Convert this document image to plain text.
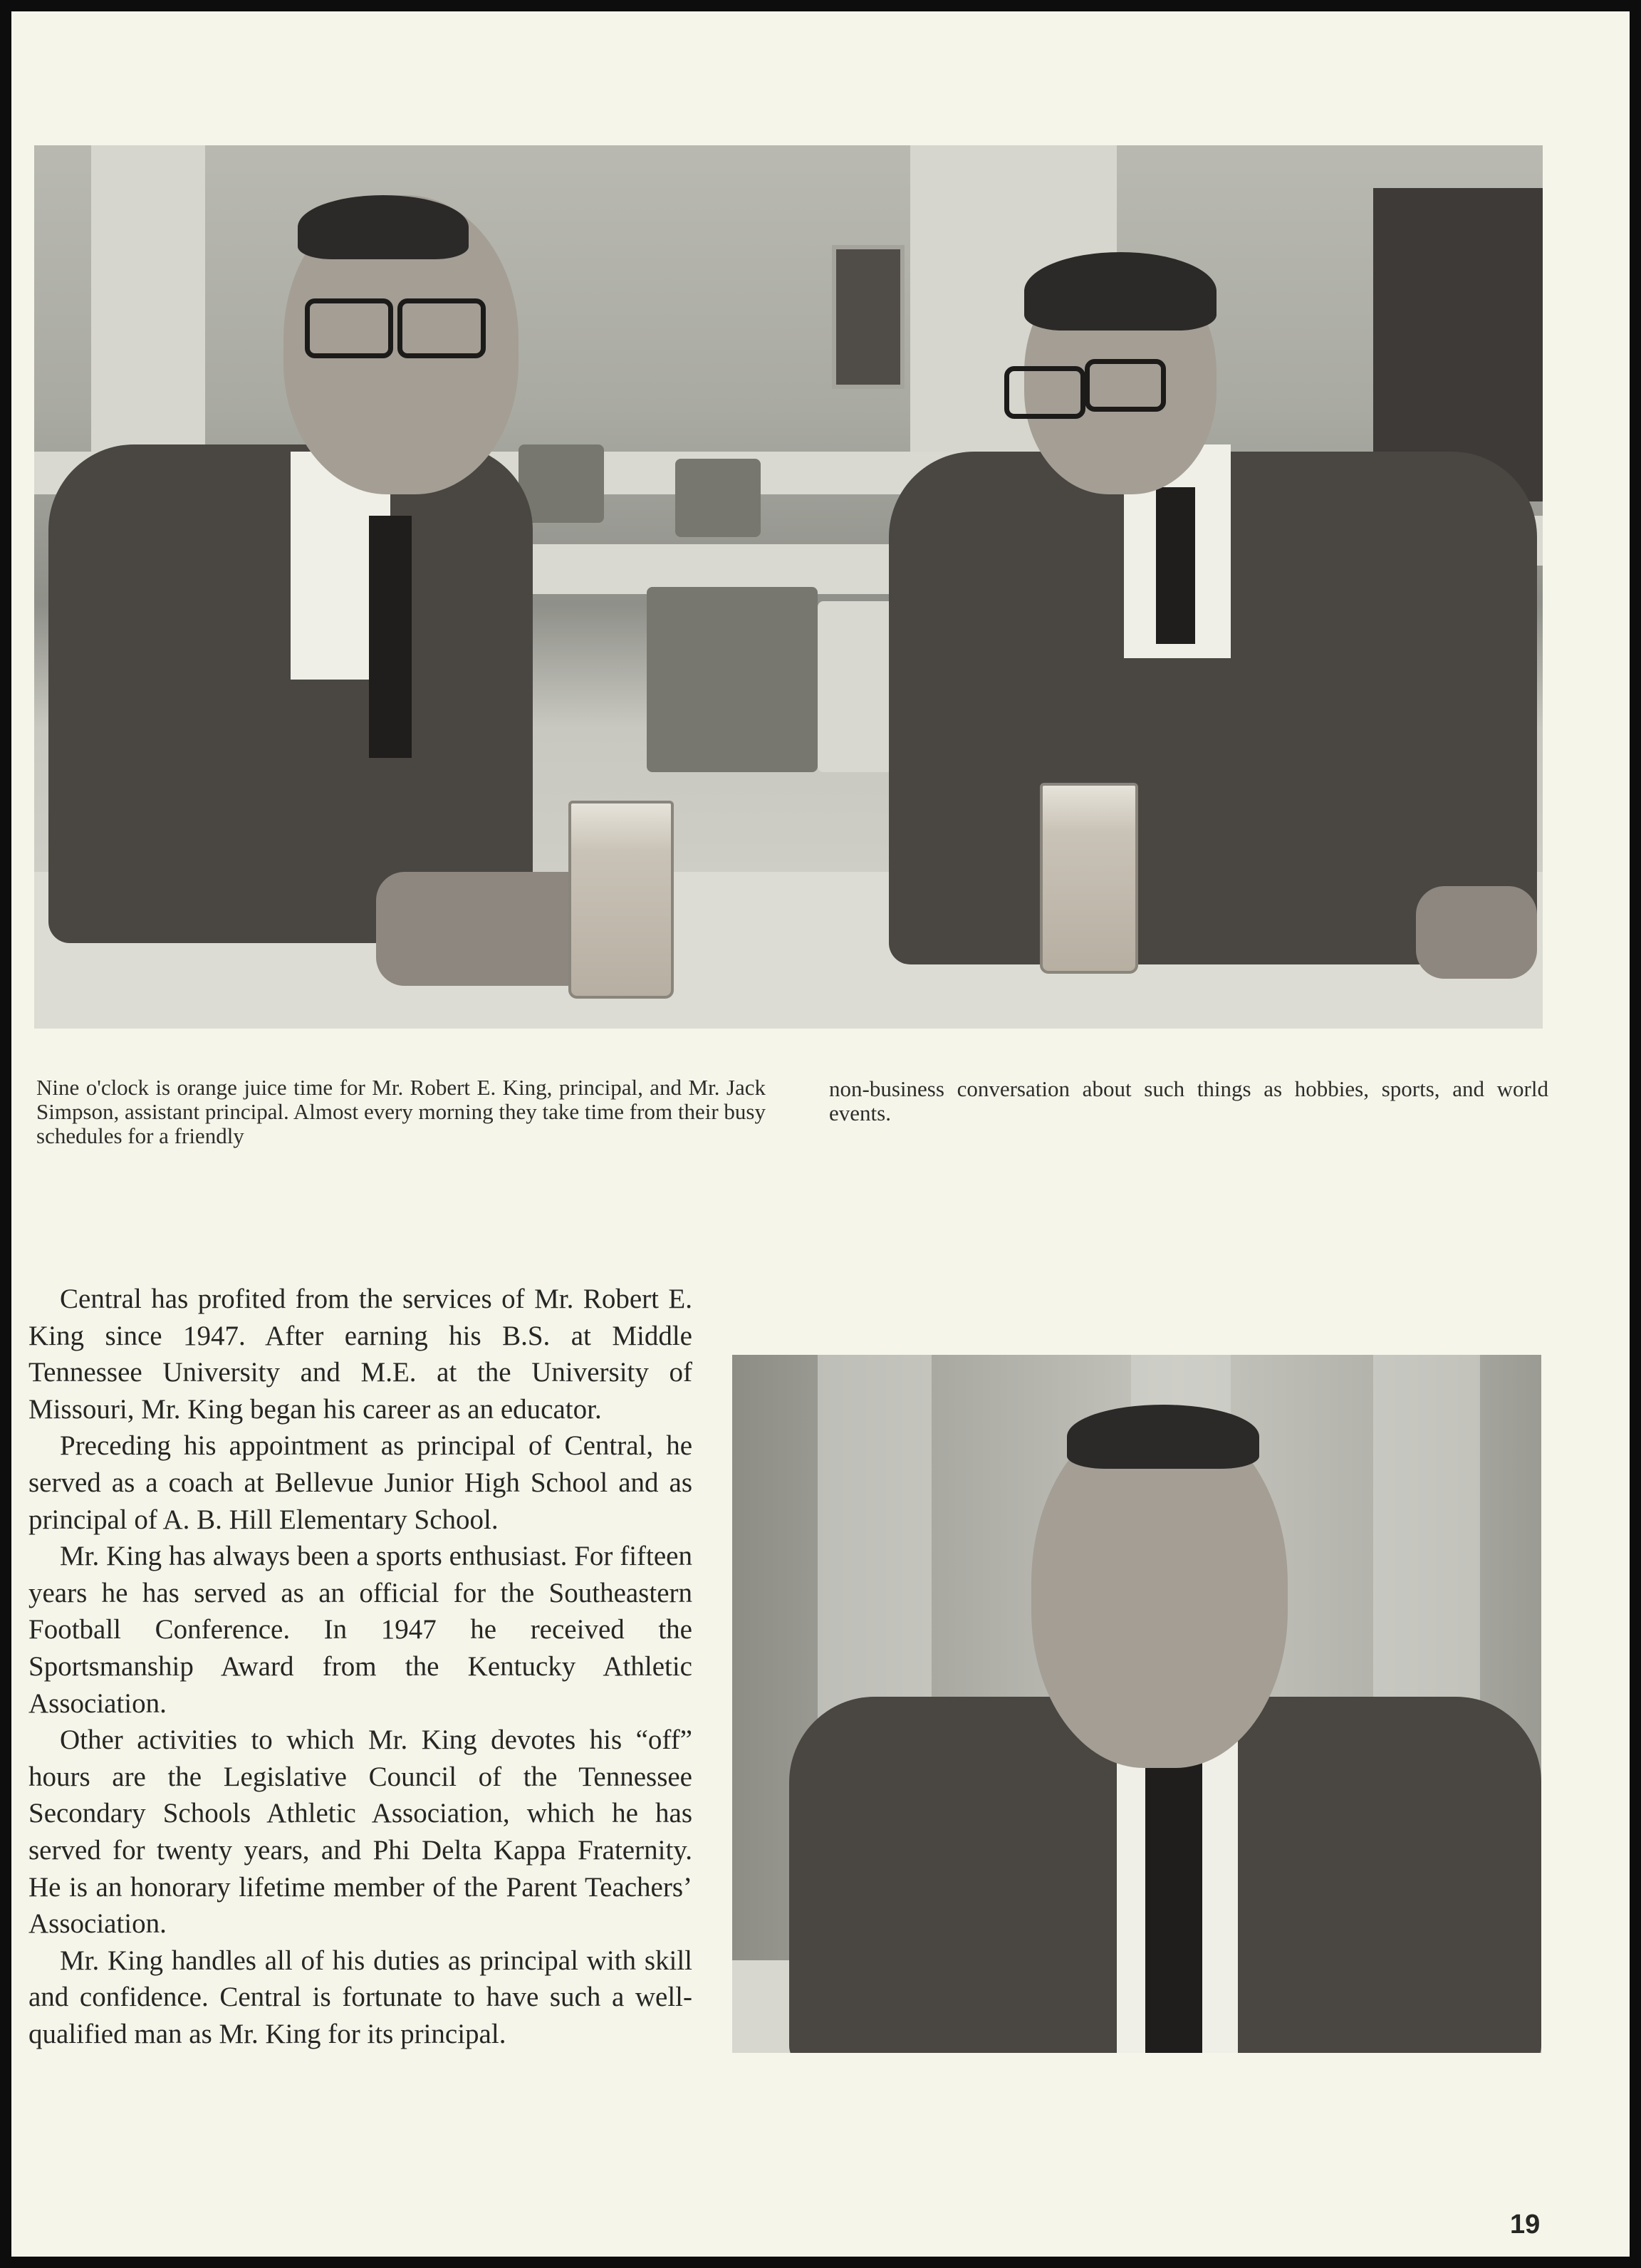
Nine o'clock is orange juice time for Mr. Robert E. King, principal, and Mr. Jack Simpson, assistant principal. Almost every morning they take time from their busy schedules for a friendly

non-business conversation about such things as hobbies, sports, and world events.

Central has profited from the services of Mr. Robert E. King since 1947. After earning his B.S. at Middle Tennessee University and M.E. at the University of Missouri, Mr. King began his career as an educator.

Preceding his appointment as principal of Central, he served as a coach at Bellevue Junior High School and as principal of A. B. Hill Elementary School.

Mr. King has always been a sports enthusiast. For fifteen years he has served as an official for the Southeastern Football Conference. In 1947 he received the Sportsmanship Award from the Kentucky Athletic Association.

Other activities to which Mr. King devotes his “off” hours are the Legislative Council of the Tennessee Secondary Schools Athletic Association, which he has served for twenty years, and Phi Delta Kappa Fraternity. He is an honorary lifetime member of the Parent Teachers’ Association.

Mr. King handles all of his duties as principal with skill and confidence. Central is fortunate to have such a well-qualified man as Mr. King for its principal.

19
